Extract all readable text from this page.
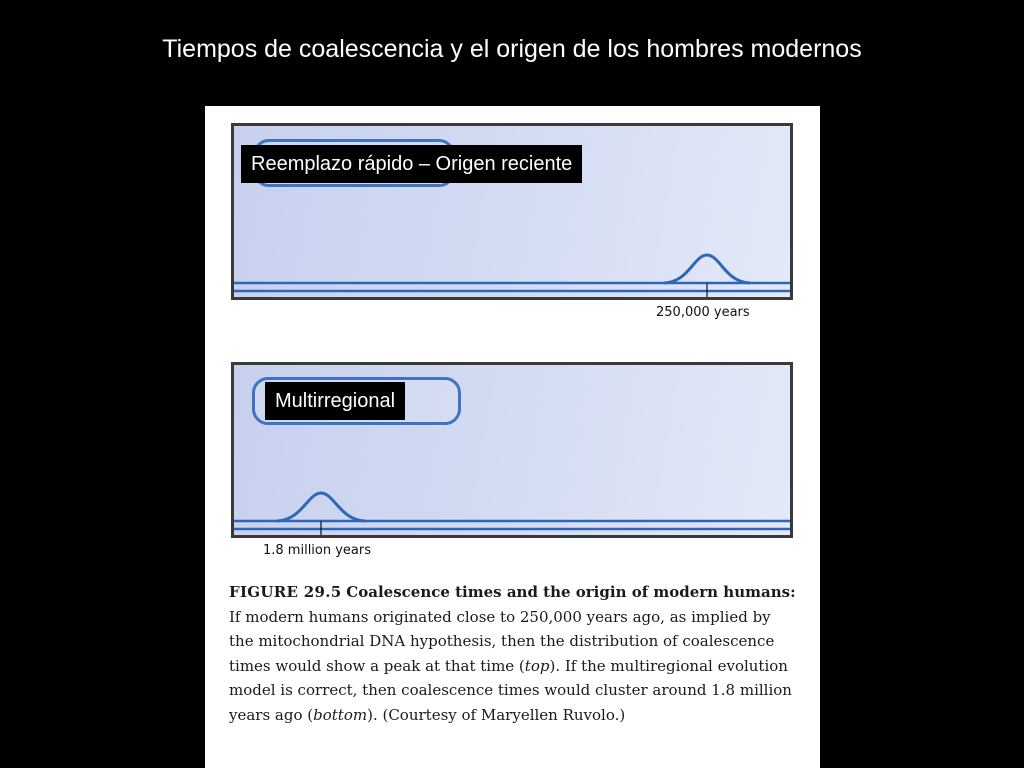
Tiempos de coalescencia y el origen de los hombres modernos
Reemplazo rápido – Origen reciente
250,000 years
Multirregional
1.8 million years
FIGURE 29.5 Coalescence times and the origin of modern humans: If modern humans originated close to 250,000 years ago, as implied by the mitochondrial DNA hypothesis, then the distribution of coalescence times would show a peak at that time (top). If the multiregional evolution model is correct, then coalescence times would cluster around 1.8 million years ago (bottom). (Courtesy of Maryellen Ruvolo.)
